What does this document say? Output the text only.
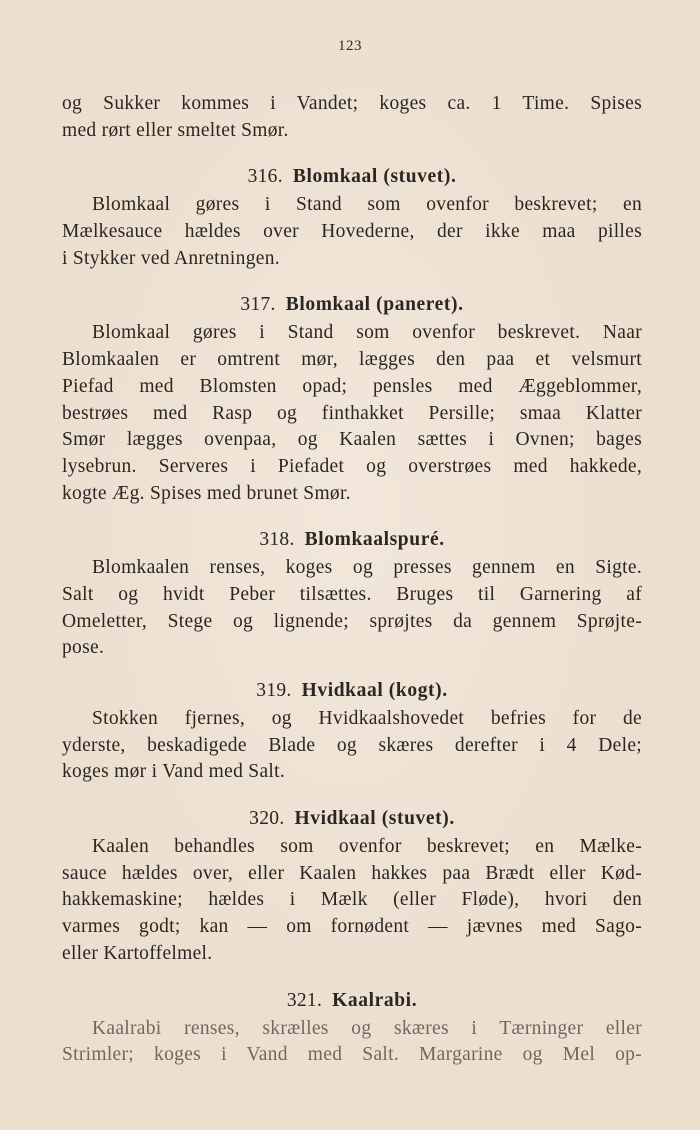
123
og Sukker kommes i Vandet; koges ca. 1 Time. Spises
med rørt eller smeltet Smør.
316. Blomkaal (stuvet).
Blomkaal gøres i Stand som ovenfor beskrevet; en
Mælkesauce hældes over Hovederne, der ikke maa pilles
i Stykker ved Anretningen.
317. Blomkaal (paneret).
Blomkaal gøres i Stand som ovenfor beskrevet. Naar
Blomkaalen er omtrent mør, lægges den paa et velsmurt
Piefad med Blomsten opad; pensles med Æggeblommer,
bestrøes med Rasp og finthakket Persille; smaa Klatter
Smør lægges ovenpaa, og Kaalen sættes i Ovnen; bages
lysebrun. Serveres i Piefadet og overstrøes med hakkede,
kogte Æg. Spises med brunet Smør.
318. Blomkaalspuré.
Blomkaalen renses, koges og presses gennem en Sigte.
Salt og hvidt Peber tilsættes. Bruges til Garnering af
Omeletter, Stege og lignende; sprøjtes da gennem Sprøjte-
pose.
319. Hvidkaal (kogt).
Stokken fjernes, og Hvidkaalshovedet befries for de
yderste, beskadigede Blade og skæres derefter i 4 Dele;
koges mør i Vand med Salt.
320. Hvidkaal (stuvet).
Kaalen behandles som ovenfor beskrevet; en Mælke-
sauce hældes over, eller Kaalen hakkes paa Brædt eller Kød-
hakkemaskine; hældes i Mælk (eller Fløde), hvori den
varmes godt; kan — om fornødent — jævnes med Sago-
eller Kartoffelmel.
321. Kaalrabi.
Kaalrabi renses, skrælles og skæres i Tærninger eller
Strimler; koges i Vand med Salt. Margarine og Mel op-
